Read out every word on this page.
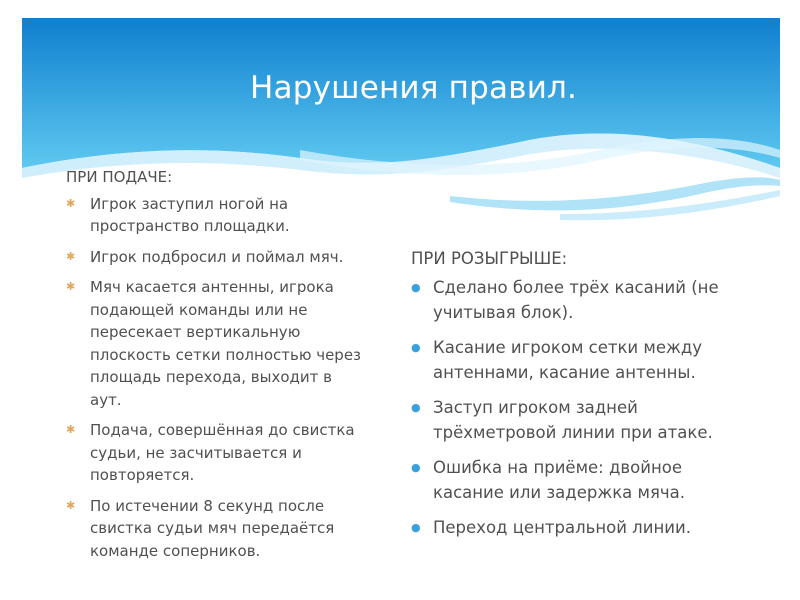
Нарушения правил.
ПРИ ПОДАЧЕ:
✱ Игрок заступил ногой на пространство площадки.
✱ Игрок подбросил и поймал мяч.
✱ Мяч касается антенны, игрока подающей команды или не пересекает вертикальную плоскость сетки полностью через площадь перехода, выходит в аут.
✱ Подача, совершённая до свистка судьи, не засчитывается и повторяется.
✱ По истечении 8 секунд после свистка судьи мяч передаётся команде соперников.
ПРИ РОЗЫГРЫШЕ:
● Сделано более трёх касаний (не учитывая блок).
● Касание игроком сетки между антеннами, касание антенны.
● Заступ игроком задней трёхметровой линии при атаке.
● Ошибка на приёме: двойное касание или задержка мяча.
● Переход центральной линии.
